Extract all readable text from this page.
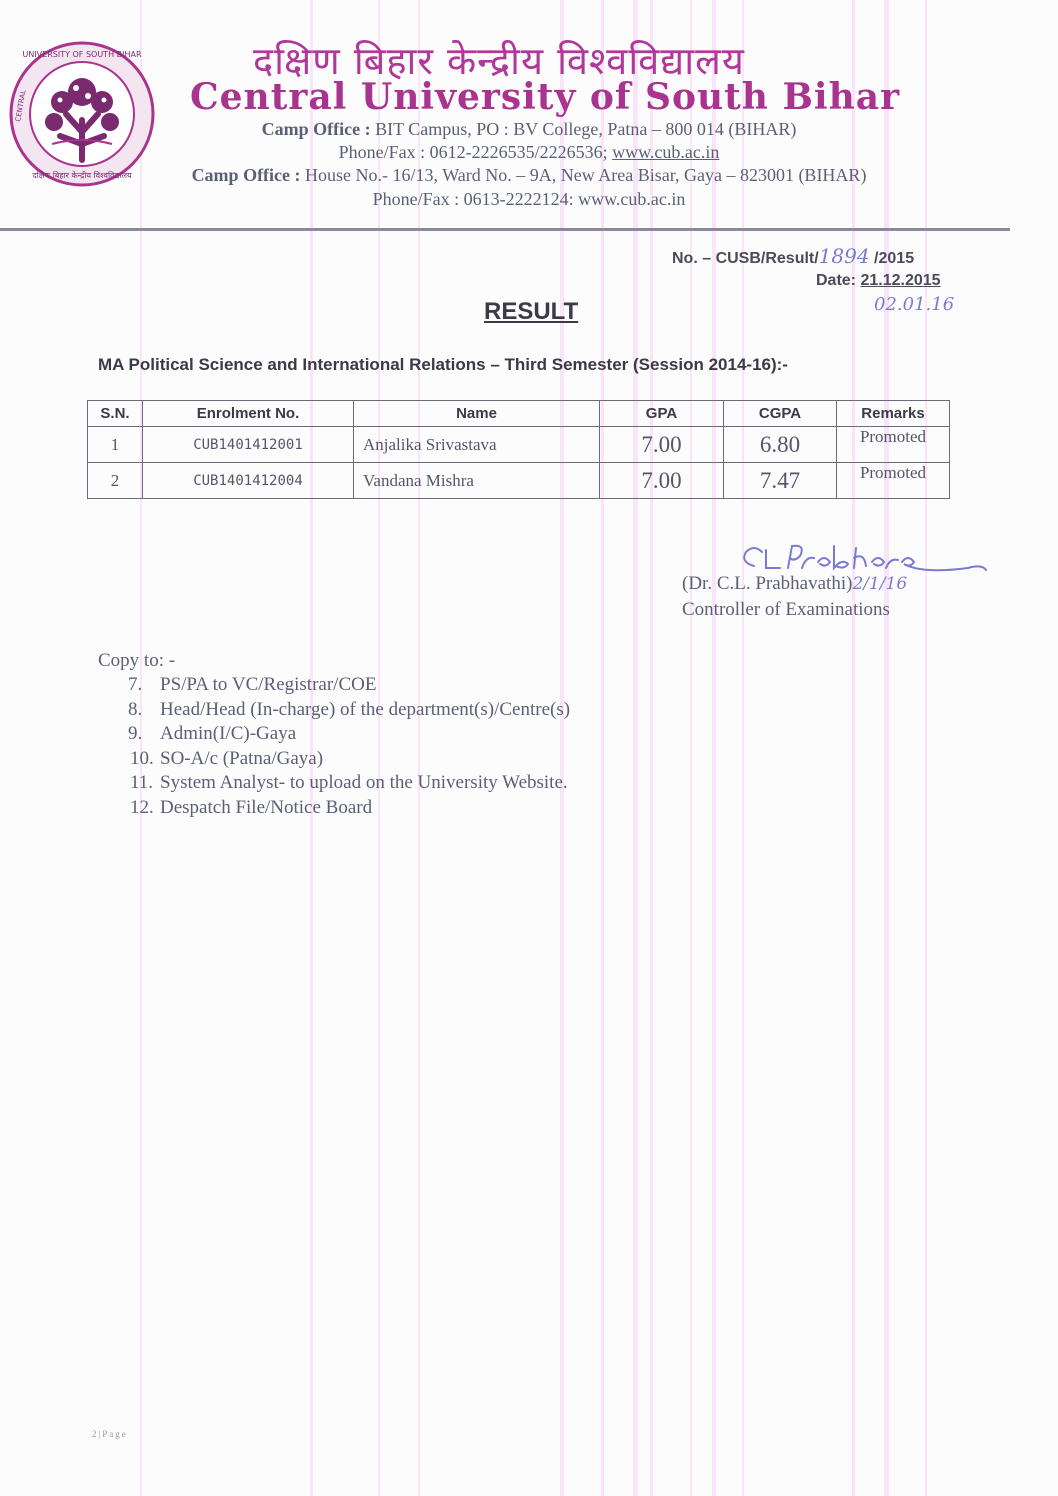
UNIVERSITY OF SOUTH BIHAR
CENTRAL
दक्षिण बिहार केन्द्रीय विश्वविद्यालय
दक्षिण बिहार केन्द्रीय विश्वविद्यालय
Central University of South Bihar
Camp Office : BIT Campus, PO : BV College, Patna – 800 014 (BIHAR)
Phone/Fax : 0612-2226535/2226536; www.cub.ac.in
Camp Office : House No.- 16/13, Ward No. – 9A, New Area Bisar, Gaya – 823001 (BIHAR)
Phone/Fax : 0613-2222124: www.cub.ac.in
No. – CUSB/Result/1894 /2015
Date: 21.12.2015
02.01.16
RESULT
MA Political Science and International Relations – Third Semester (Session 2014-16):-
S.N.	Enrolment No.	Name	GPA	CGPA	Remarks
1	CUB1401412001	Anjalika Srivastava	7.00	6.80	Promoted
2	CUB1401412004	Vandana Mishra	7.00	7.47	Promoted
(Dr. C.L. Prabhavathi)2/1/16
Controller of Examinations
Copy to: -
7. PS/PA to VC/Registrar/COE
8. Head/Head (In-charge) of the department(s)/Centre(s)
9. Admin(I/C)-Gaya
10. SO-A/c (Patna/Gaya)
11. System Analyst- to upload on the University Website.
12. Despatch File/Notice Board
2|Page
